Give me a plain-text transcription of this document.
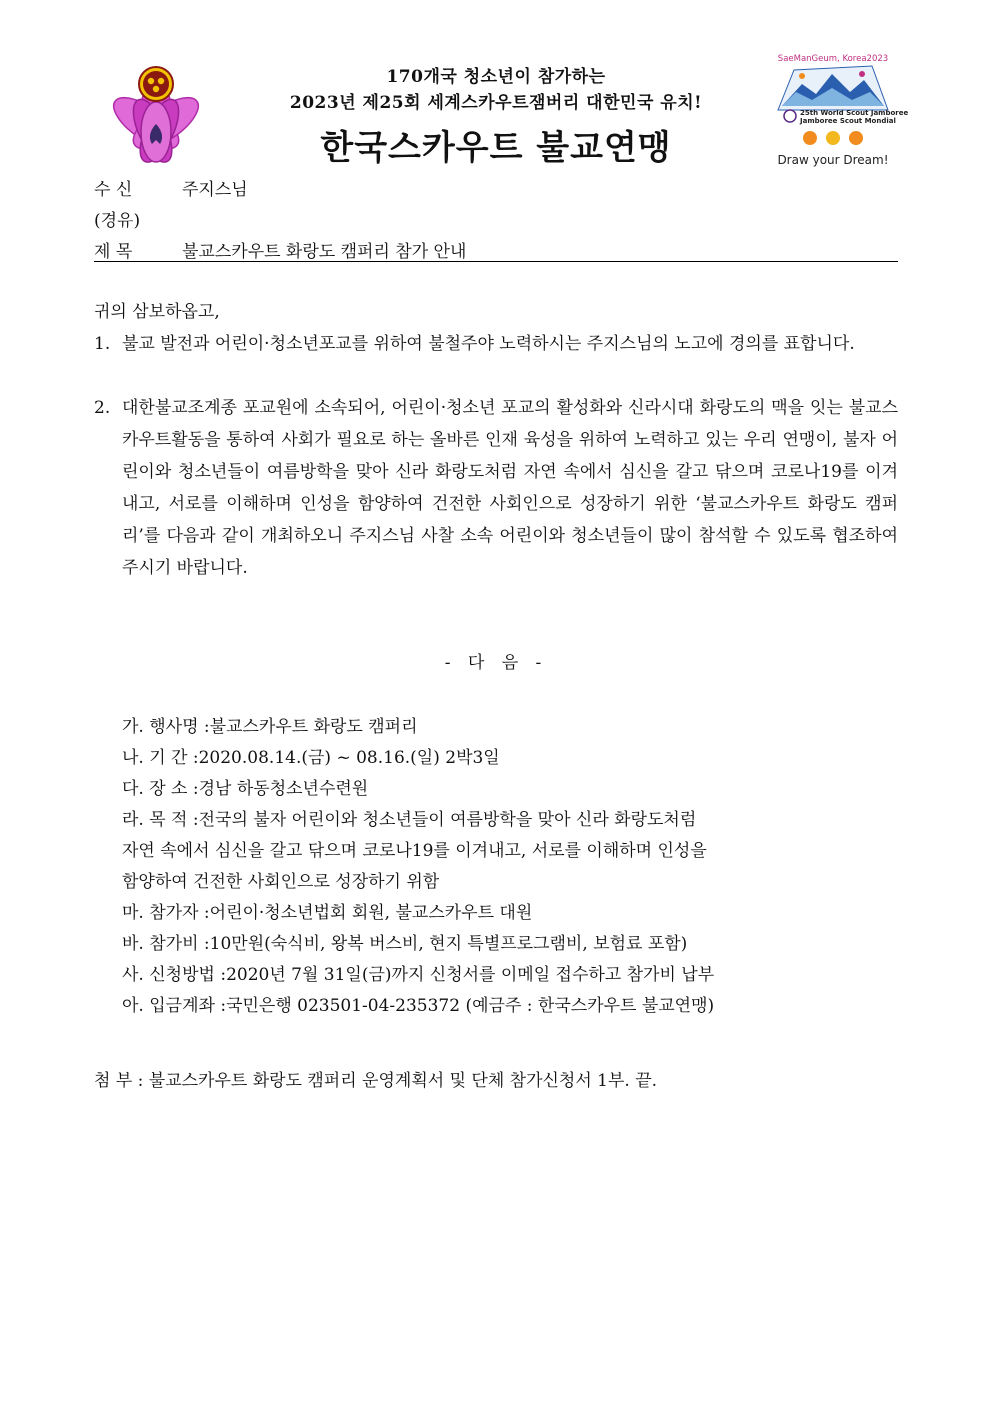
SaeManGeum, Korea2023
25th World Scout Jamboree
Jamboree Scout Mondial
Draw your Dream!
170개국 청소년이 참가하는
2023년 제25회 세계스카우트잼버리 대한민국 유치!
한국스카우트 불교연맹
수 신	주지스님
(경유)
제 목	불교스카우트 화랑도 캠퍼리 참가 안내
귀의 삼보하옵고,
1. 불교 발전과 어린이·청소년포교를 위하여 불철주야 노력하시는 주지스님의 노고에 경의를 표합니다.
2. 대한불교조계종 포교원에 소속되어, 어린이·청소년 포교의 활성화와 신라시대 화랑도의 맥을 잇는 불교스카우트활동을 통하여 사회가 필요로 하는 올바른 인재 육성을 위하여 노력하고 있는 우리 연맹이, 불자 어린이와 청소년들이 여름방학을 맞아 신라 화랑도처럼 자연 속에서 심신을 갈고 닦으며 코로나19를 이겨내고, 서로를 이해하며 인성을 함양하여 건전한 사회인으로 성장하기 위한 ‘불교스카우트 화랑도 캠퍼리’를 다음과 같이 개최하오니 주지스님 사찰 소속 어린이와 청소년들이 많이 참석할 수 있도록 협조하여 주시기 바랍니다.
- 다 음 -
가. 행사명 : 불교스카우트 화랑도 캠퍼리
나. 기 간 : 2020.08.14.(금) ~ 08.16.(일) 2박3일
다. 장 소 : 경남 하동청소년수련원
라. 목 적 : 전국의 불자 어린이와 청소년들이 여름방학을 맞아 신라 화랑도처럼
자연 속에서 심신을 갈고 닦으며 코로나19를 이겨내고, 서로를 이해하며 인성을
함양하여 건전한 사회인으로 성장하기 위함
마. 참가자 : 어린이·청소년법회 회원, 불교스카우트 대원
바. 참가비 : 10만원(숙식비, 왕복 버스비, 현지 특별프로그램비, 보험료 포함)
사. 신청방법 : 2020년 7월 31일(금)까지 신청서를 이메일 접수하고 참가비 납부
아. 입금계좌 : 국민은행 023501-04-235372 (예금주 : 한국스카우트 불교연맹)
첨 부 : 불교스카우트 화랑도 캠퍼리 운영계획서 및 단체 참가신청서 1부. 끝.
